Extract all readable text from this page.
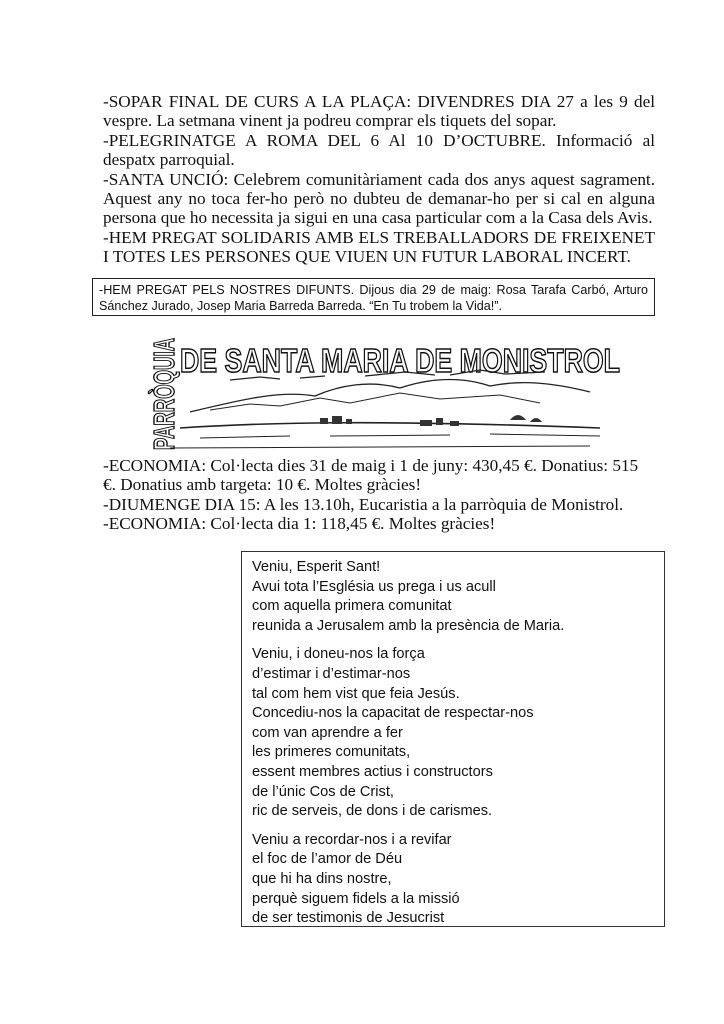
-SOPAR FINAL DE CURS A LA PLAÇA: DIVENDRES DIA 27 a les 9 del vespre. La setmana vinent ja podreu comprar els tiquets del sopar.

-PELEGRINATGE A ROMA DEL 6 Al 10 D’OCTUBRE. Informació al despatx parroquial.

-SANTA UNCIÓ: Celebrem comunitàriament cada dos anys aquest sagrament. Aquest any no toca fer-ho però no dubteu de demanar-ho per si cal en alguna persona que ho necessita ja sigui en una casa particular com a la Casa dels Avis.

-HEM PREGAT SOLIDARIS AMB ELS TREBALLADORS DE FREIXENET I TOTES LES PERSONES QUE VIUEN UN FUTUR LABORAL INCERT.

-HEM PREGAT PELS NOSTRES DIFUNTS. Dijous dia 29 de maig: Rosa Tarafa Carbó, Arturo Sánchez Jurado, Josep Maria Barreda Barreda. “En Tu trobem la Vida!”.
PARRÒQUIA DE SANTA MARIA DE MONISTROL

-ECONOMIA: Col·lecta dies 31 de maig i 1 de juny: 430,45 €. Donatius: 515 €. Donatius amb targeta: 10 €. Moltes gràcies!

-DIUMENGE DIA 15: A les 13.10h, Eucaristia a la parròquia de Monistrol.

-ECONOMIA: Col·lecta dia 1: 118,45 €. Moltes gràcies!

Veniu, Esperit Sant!
Avui tota l’Església us prega i us acull
com aquella primera comunitat
reunida a Jerusalem amb la presència de Maria.
Veniu, i doneu-nos la força
d’estimar i d’estimar-nos
tal com hem vist que feia Jesús.
Concediu-nos la capacitat de respectar-nos
com van aprendre a fer
les primeres comunitats,
essent membres actius i constructors
de l’únic Cos de Crist,
ric de serveis, de dons i de carismes.
Veniu a recordar-nos i a revifar
el foc de l’amor de Déu
que hi ha dins nostre,
perquè siguem fidels a la missió
de ser testimonis de Jesucrist
